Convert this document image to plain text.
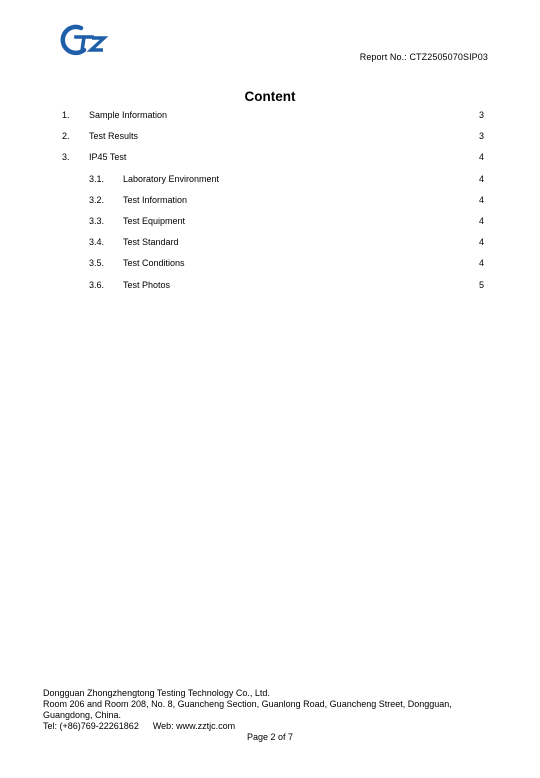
Report No.: CTZ2505070SIP03
Content
1. Sample Information	3
2. Test Results	3
3. IP45 Test	4
3.1. Laboratory Environment	4
3.2. Test Information	4
3.3. Test Equipment	4
3.4. Test Standard	4
3.5. Test Conditions	4
3.6. Test Photos	5
Dongguan Zhongzhengtong Testing Technology Co., Ltd.
Room 206 and Room 208, No. 8, Guancheng Section, Guanlong Road, Guancheng Street, Dongguan,
Guangdong, China.
Tel: (+86)769-22261862 Web: www.zztjc.com
Page 2 of 7
